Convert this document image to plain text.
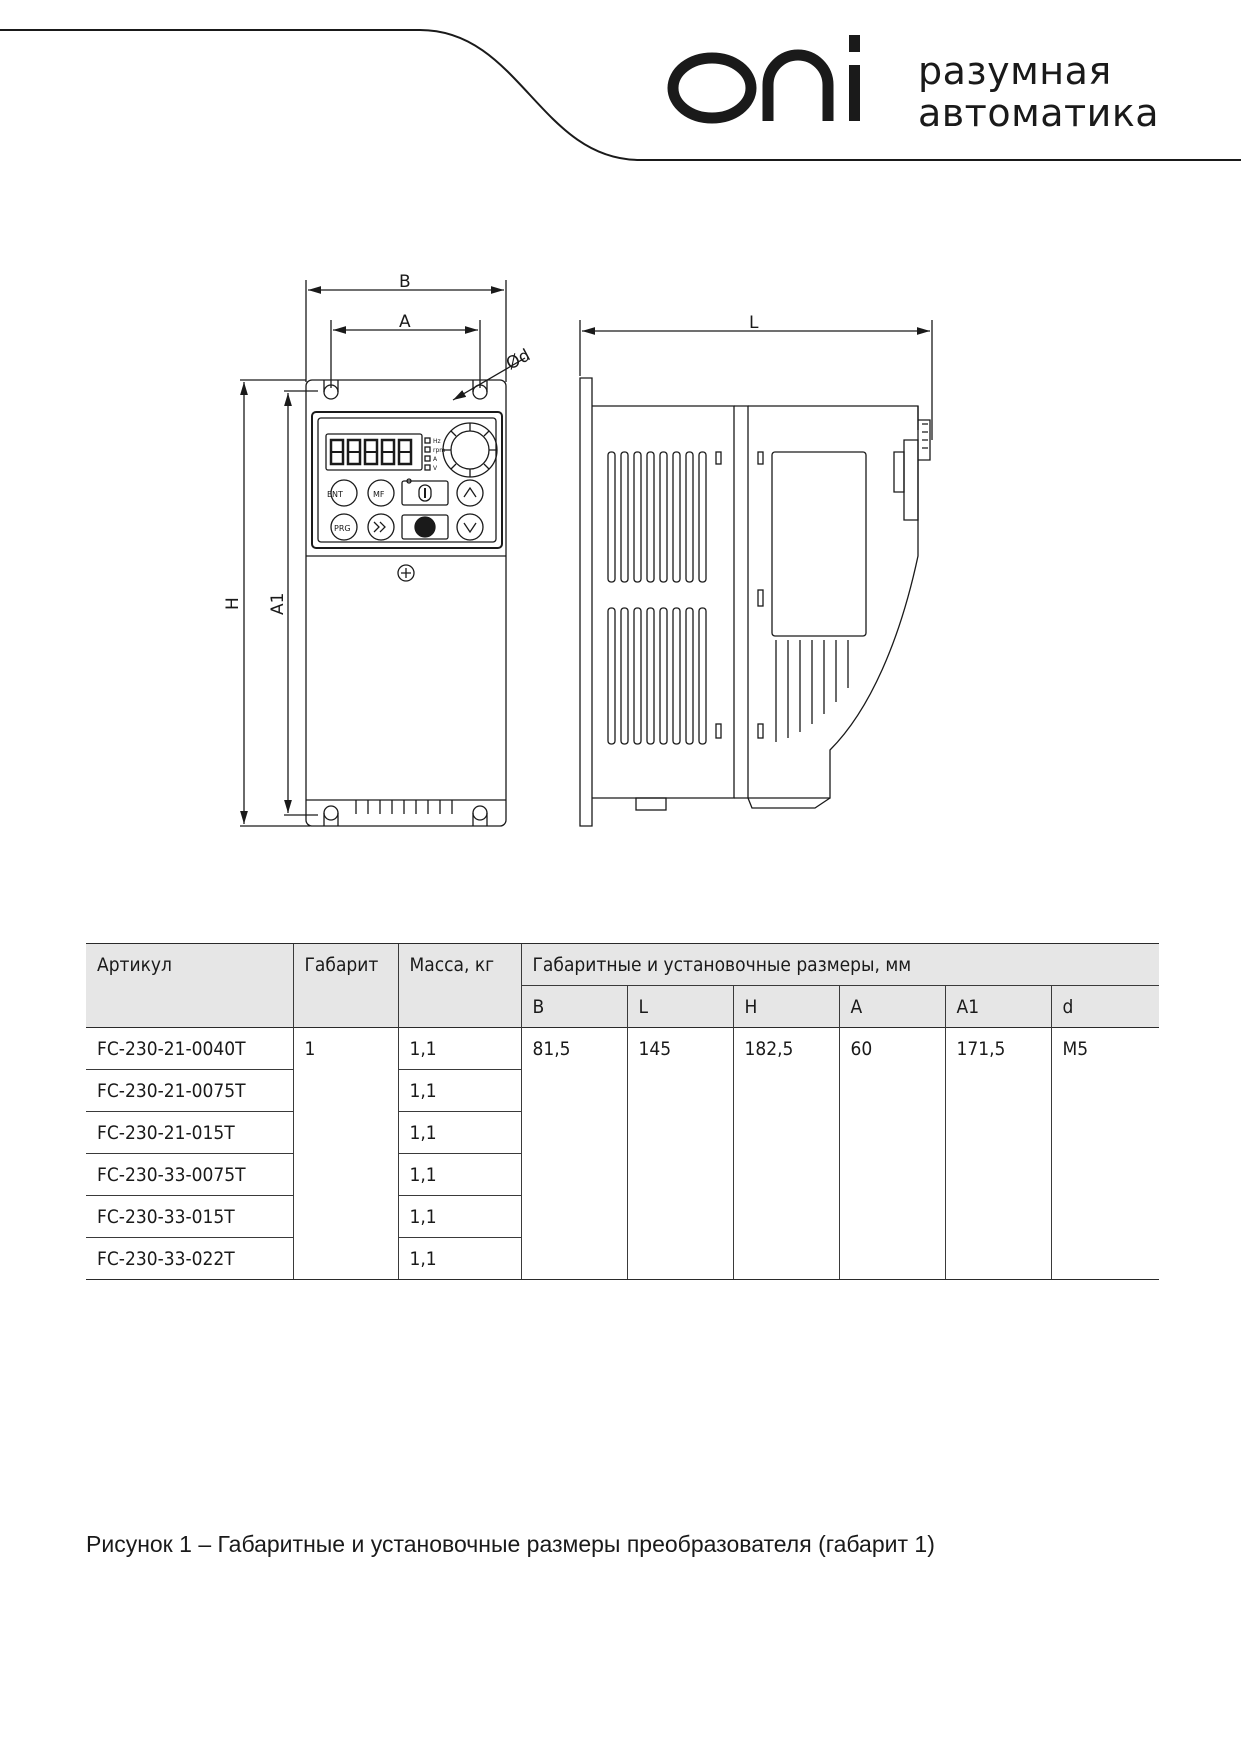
разумная
автоматика
B
A
Ød
H A1
L
ENT	MF
PRG
Hz
rpm
A
V
Артикул	Габарит	Масса, кг	Габаритные и установочные размеры, мм					
			B	L	H	A	A1	d
FC-230-21-0040T	1	1,1	81,5	145	182,5	60	171,5	M5
FC-230-21-0075T		1,1						
FC-230-21-015T		1,1						
FC-230-33-0075T		1,1						
FC-230-33-015T		1,1						
FC-230-33-022T		1,1						
Рисунок 1 – Габаритные и установочные размеры преобразователя (габарит 1)
